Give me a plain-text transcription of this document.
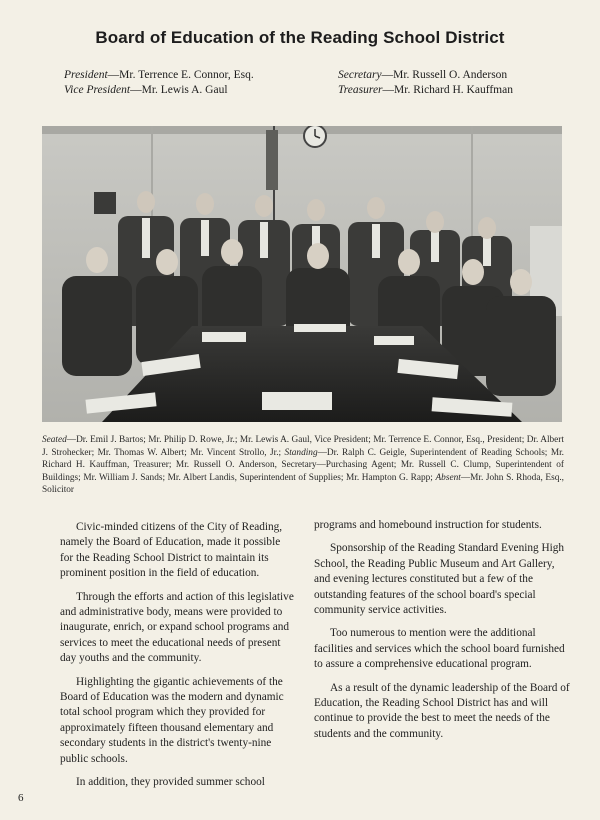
Board of Education of the Reading School District
President—Mr. Terrence E. Connor, Esq.
Vice President—Mr. Lewis A. Gaul
Secretary—Mr. Russell O. Anderson
Treasurer—Mr. Richard H. Kauffman
Seated—Dr. Emil J. Bartos; Mr. Philip D. Rowe, Jr.; Mr. Lewis A. Gaul, Vice President; Mr. Terrence E. Connor, Esq., President; Dr. Albert J. Strohecker; Mr. Thomas W. Albert; Mr. Vincent Strollo, Jr.; Standing—Dr. Ralph C. Geigle, Superintendent of Reading Schools; Mr. Richard H. Kauffman, Treasurer; Mr. Russell O. Anderson, Secretary—Purchasing Agent; Mr. Russell C. Clump, Superintendent of Buildings; Mr. William J. Sands; Mr. Albert Landis, Superintendent of Supplies; Mr. Hampton G. Rapp; Absent—Mr. John S. Rhoda, Esq., Solicitor

Civic-minded citizens of the City of Reading, namely the Board of Education, made it possible for the Reading School District to maintain its prominent position in the field of education.

Through the efforts and action of this legislative and administrative body, means were provided to inaugurate, enrich, or expand school programs and services to meet the educational needs of present day youths and the community.

Highlighting the gigantic achievements of the Board of Education was the modern and dynamic total school program which they provided for approximately fifteen thousand elementary and secondary students in the district's twenty-nine public schools.

In addition, they provided summer school

programs and homebound instruction for students.

Sponsorship of the Reading Standard Evening High School, the Reading Public Museum and Art Gallery, and evening lectures constituted but a few of the outstanding features of the school board's special community service activities.

Too numerous to mention were the additional facilities and services which the school board furnished to assure a comprehensive educational program.

As a result of the dynamic leadership of the Board of Education, the Reading School District has and will continue to provide the best to meet the needs of the students and the community.

6
